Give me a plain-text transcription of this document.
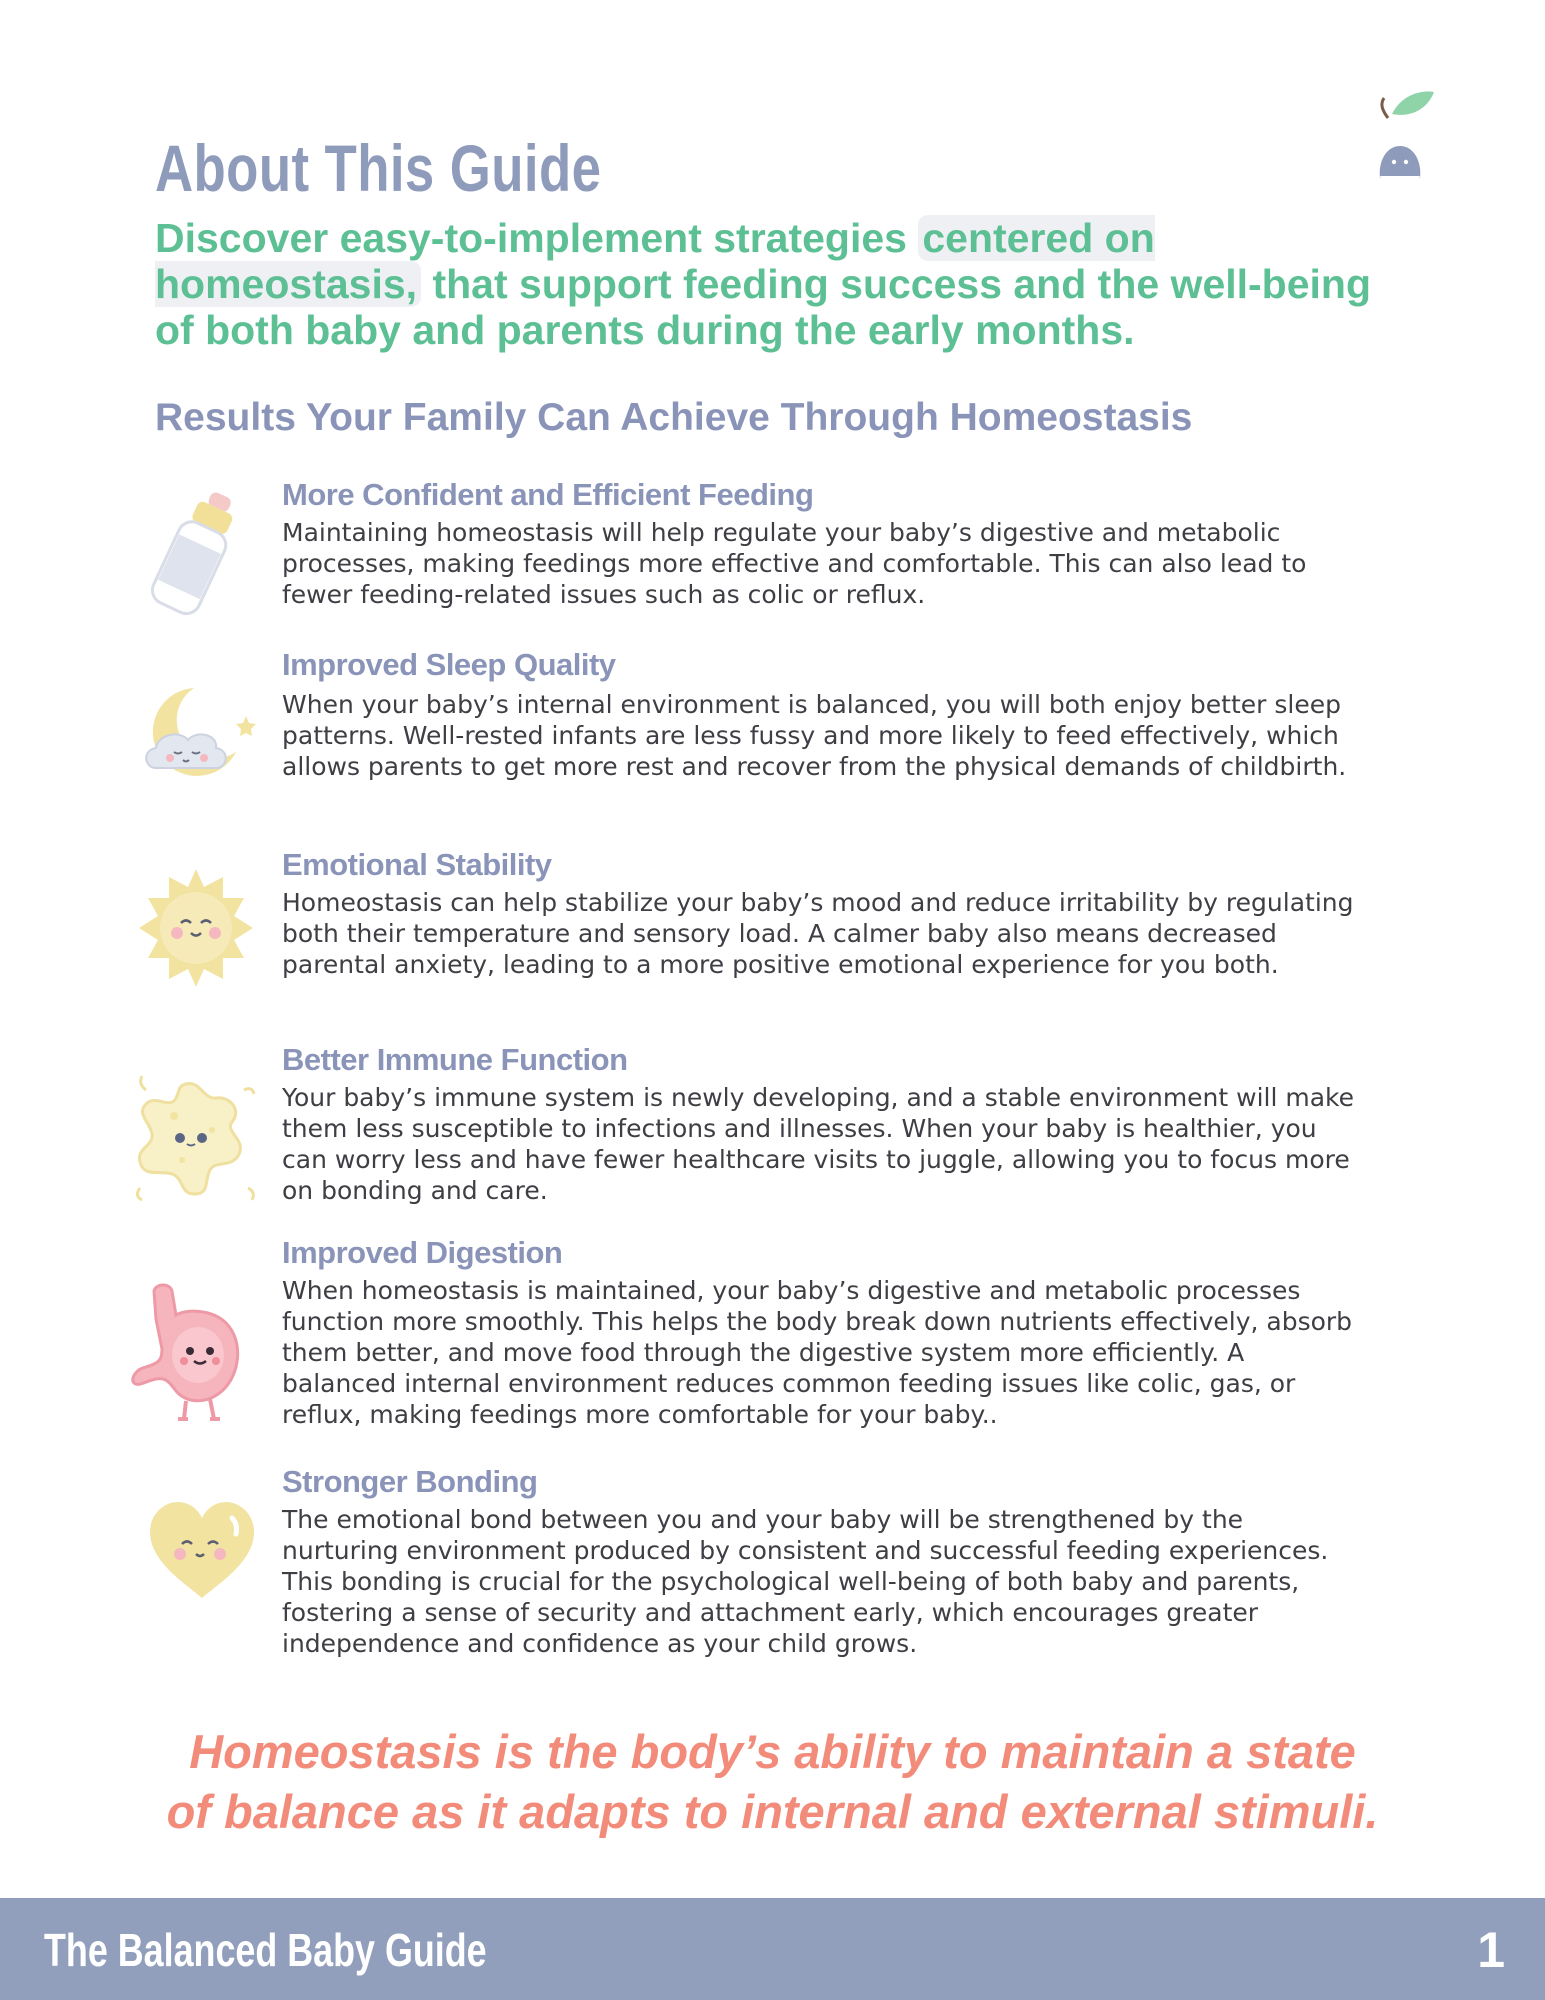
About This Guide

Discover easy-to-implement strategies centered on homeostasis, that support feeding success and the well-being of both baby and parents during the early months.

Results Your Family Can Achieve Through Homeostasis
More Confident and Efficient Feeding

Maintaining homeostasis will help regulate your baby’s digestive and metabolic processes, making feedings more effective and comfortable. This can also lead to fewer feeding-related issues such as colic or reflux.

Improved Sleep Quality

When your baby’s internal environment is balanced, you will both enjoy better sleep patterns. Well-rested infants are less fussy and more likely to feed effectively, which allows parents to get more rest and recover from the physical demands of childbirth.

Emotional Stability

Homeostasis can help stabilize your baby’s mood and reduce irritability by regulating both their temperature and sensory load. A calmer baby also means decreased parental anxiety, leading to a more positive emotional experience for you both.

Better Immune Function

Your baby’s immune system is newly developing, and a stable environment will make them less susceptible to infections and illnesses. When your baby is healthier, you can worry less and have fewer healthcare visits to juggle, allowing you to focus more on bonding and care.

Improved Digestion

When homeostasis is maintained, your baby’s digestive and metabolic processes function more smoothly. This helps the body break down nutrients effectively, absorb them better, and move food through the digestive system more efficiently. A balanced internal environment reduces common feeding issues like colic, gas, or reflux, making feedings more comfortable for your baby..

Stronger Bonding

The emotional bond between you and your baby will be strengthened by the nurturing environment produced by consistent and successful feeding experiences. This bonding is crucial for the psychological well-being of both baby and parents, fostering a sense of security and attachment early, which encourages greater independence and confidence as your child grows.

Homeostasis is the body’s ability to maintain a state
of balance as it adapts to internal and external stimuli.

The Balanced Baby Guide	1
